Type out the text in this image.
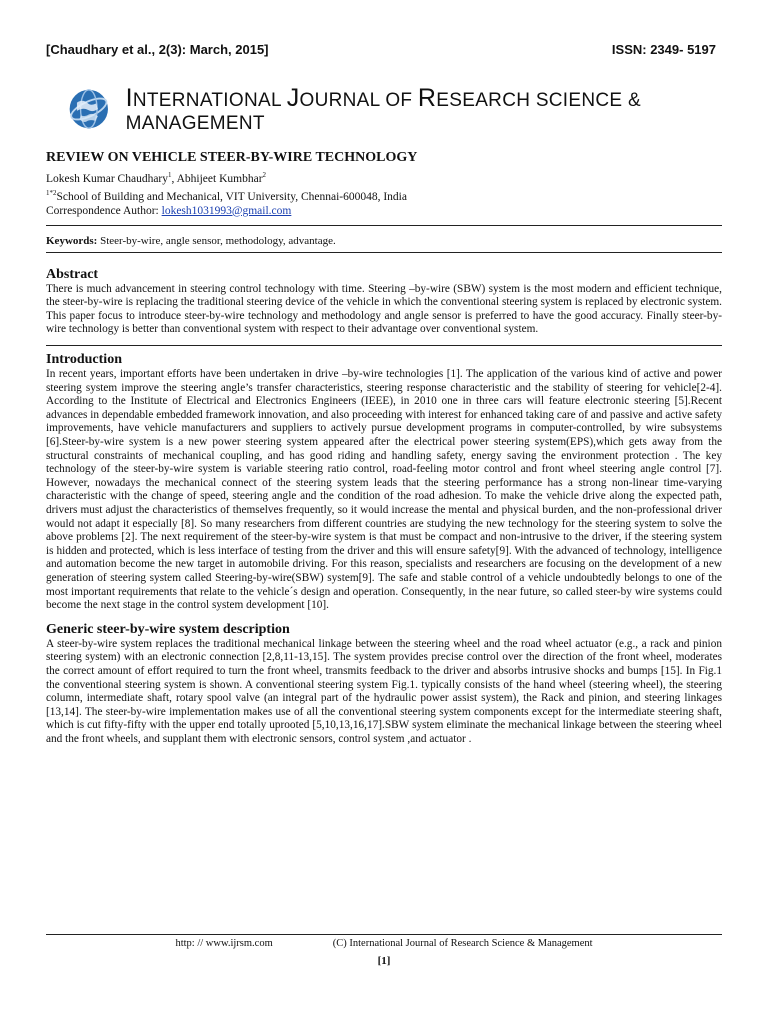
[Chaudhary et al., 2(3): March, 2015]	ISSN: 2349- 5197
INTERNATIONAL JOURNAL OF RESEARCH SCIENCE & MANAGEMENT
REVIEW ON VEHICLE STEER-BY-WIRE TECHNOLOGY
Lokesh Kumar Chaudhary$^1$, Abhijeet Kumbhar$^2$
$^{1*2}$School of Building and Mechanical, VIT University, Chennai-600048, India
Correspondence Author: lokesh1031993@gmail.com
Keywords: Steer-by-wire, angle sensor, methodology, advantage.
Abstract

There is much advancement in steering control technology with time. Steering –by-wire (SBW) system is the most modern and efficient technique, the steer-by-wire is replacing the traditional steering device of the vehicle in which the conventional steering system is replaced by electronic system. This paper focus to introduce steer-by-wire technology and methodology and angle sensor is preferred to have the good accuracy. Finally steer-by-wire technology is better than conventional system with respect to their advantage over conventional system.

Introduction

In recent years, important efforts have been undertaken in drive –by-wire technologies [1]. The application of the various kind of active and power steering system improve the steering angle’s transfer characteristics, steering response characteristic and the stability of steering for vehicle[2-4]. According to the Institute of Electrical and Electronics Engineers (IEEE), in 2010 one in three cars will feature electronic steering [5].Recent advances in dependable embedded framework innovation, and also proceeding with interest for enhanced taking care of and passive and active safety improvements, have vehicle manufacturers and suppliers to actively pursue development programs in computer-controlled, by wire subsystems [6].Steer-by-wire system is a new power steering system appeared after the electrical power steering system(EPS),which gets away from the structural constraints of mechanical coupling, and has good riding and handling safety, energy saving the environment protection . The key technology of the steer-by-wire system is variable steering ratio control, road-feeling motor control and front wheel steering angle control [7]. However, nowadays the mechanical connect of the steering system leads that the steering performance has a strong non-linear time-varying characteristic with the change of speed, steering angle and the condition of the road adhesion. To make the vehicle drive along the expected path, drivers must adjust the characteristics of themselves frequently, so it would increase the mental and physical burden, and the non-professional driver would not adapt it especially [8]. So many researchers from different countries are studying the new technology for the steering system to solve the above problems [2]. The next requirement of the steer-by-wire system is that must be compact and non-intrusive to the driver, if the steering system is hidden and protected, which is less interface of testing from the driver and this will ensure safety[9]. With the advanced of technology, intelligence and automation become the new target in automobile driving. For this reason, specialists and researchers are focusing on the development of a new generation of steering system called Steering-by-wire(SBW) system[9]. The safe and stable control of a vehicle undoubtedly belongs to one of the most important requirements that relate to the vehicle´s design and operation. Consequently, in the near future, so called steer-by wire systems could become the next stage in the control system development [10].

Generic steer-by-wire system description

A steer-by-wire system replaces the traditional mechanical linkage between the steering wheel and the road wheel actuator (e.g., a rack and pinion steering system) with an electronic connection [2,8,11-13,15]. The system provides precise control over the direction of the front wheel, moderates the correct amount of effort required to turn the front wheel, transmits feedback to the driver and absorbs intrusive shocks and bumps [15]. In Fig.1 the conventional steering system is shown. A conventional steering system Fig.1. typically consists of the hand wheel (steering wheel), the steering column, intermediate shaft, rotary spool valve (an integral part of the hydraulic power assist system), the Rack and pinion, and steering linkages [13,14]. The steer-by-wire implementation makes use of all the conventional steering system components except for the intermediate steering shaft, which is cut fifty-fifty with the upper end totally uprooted [5,10,13,16,17].SBW system eliminate the mechanical linkage between the steering wheel and the front wheels, and supplant them with electronic sensors, control system ,and actuator .

http: // www.ijrsm.com	(C) International Journal of Research Science & Management
[1]
